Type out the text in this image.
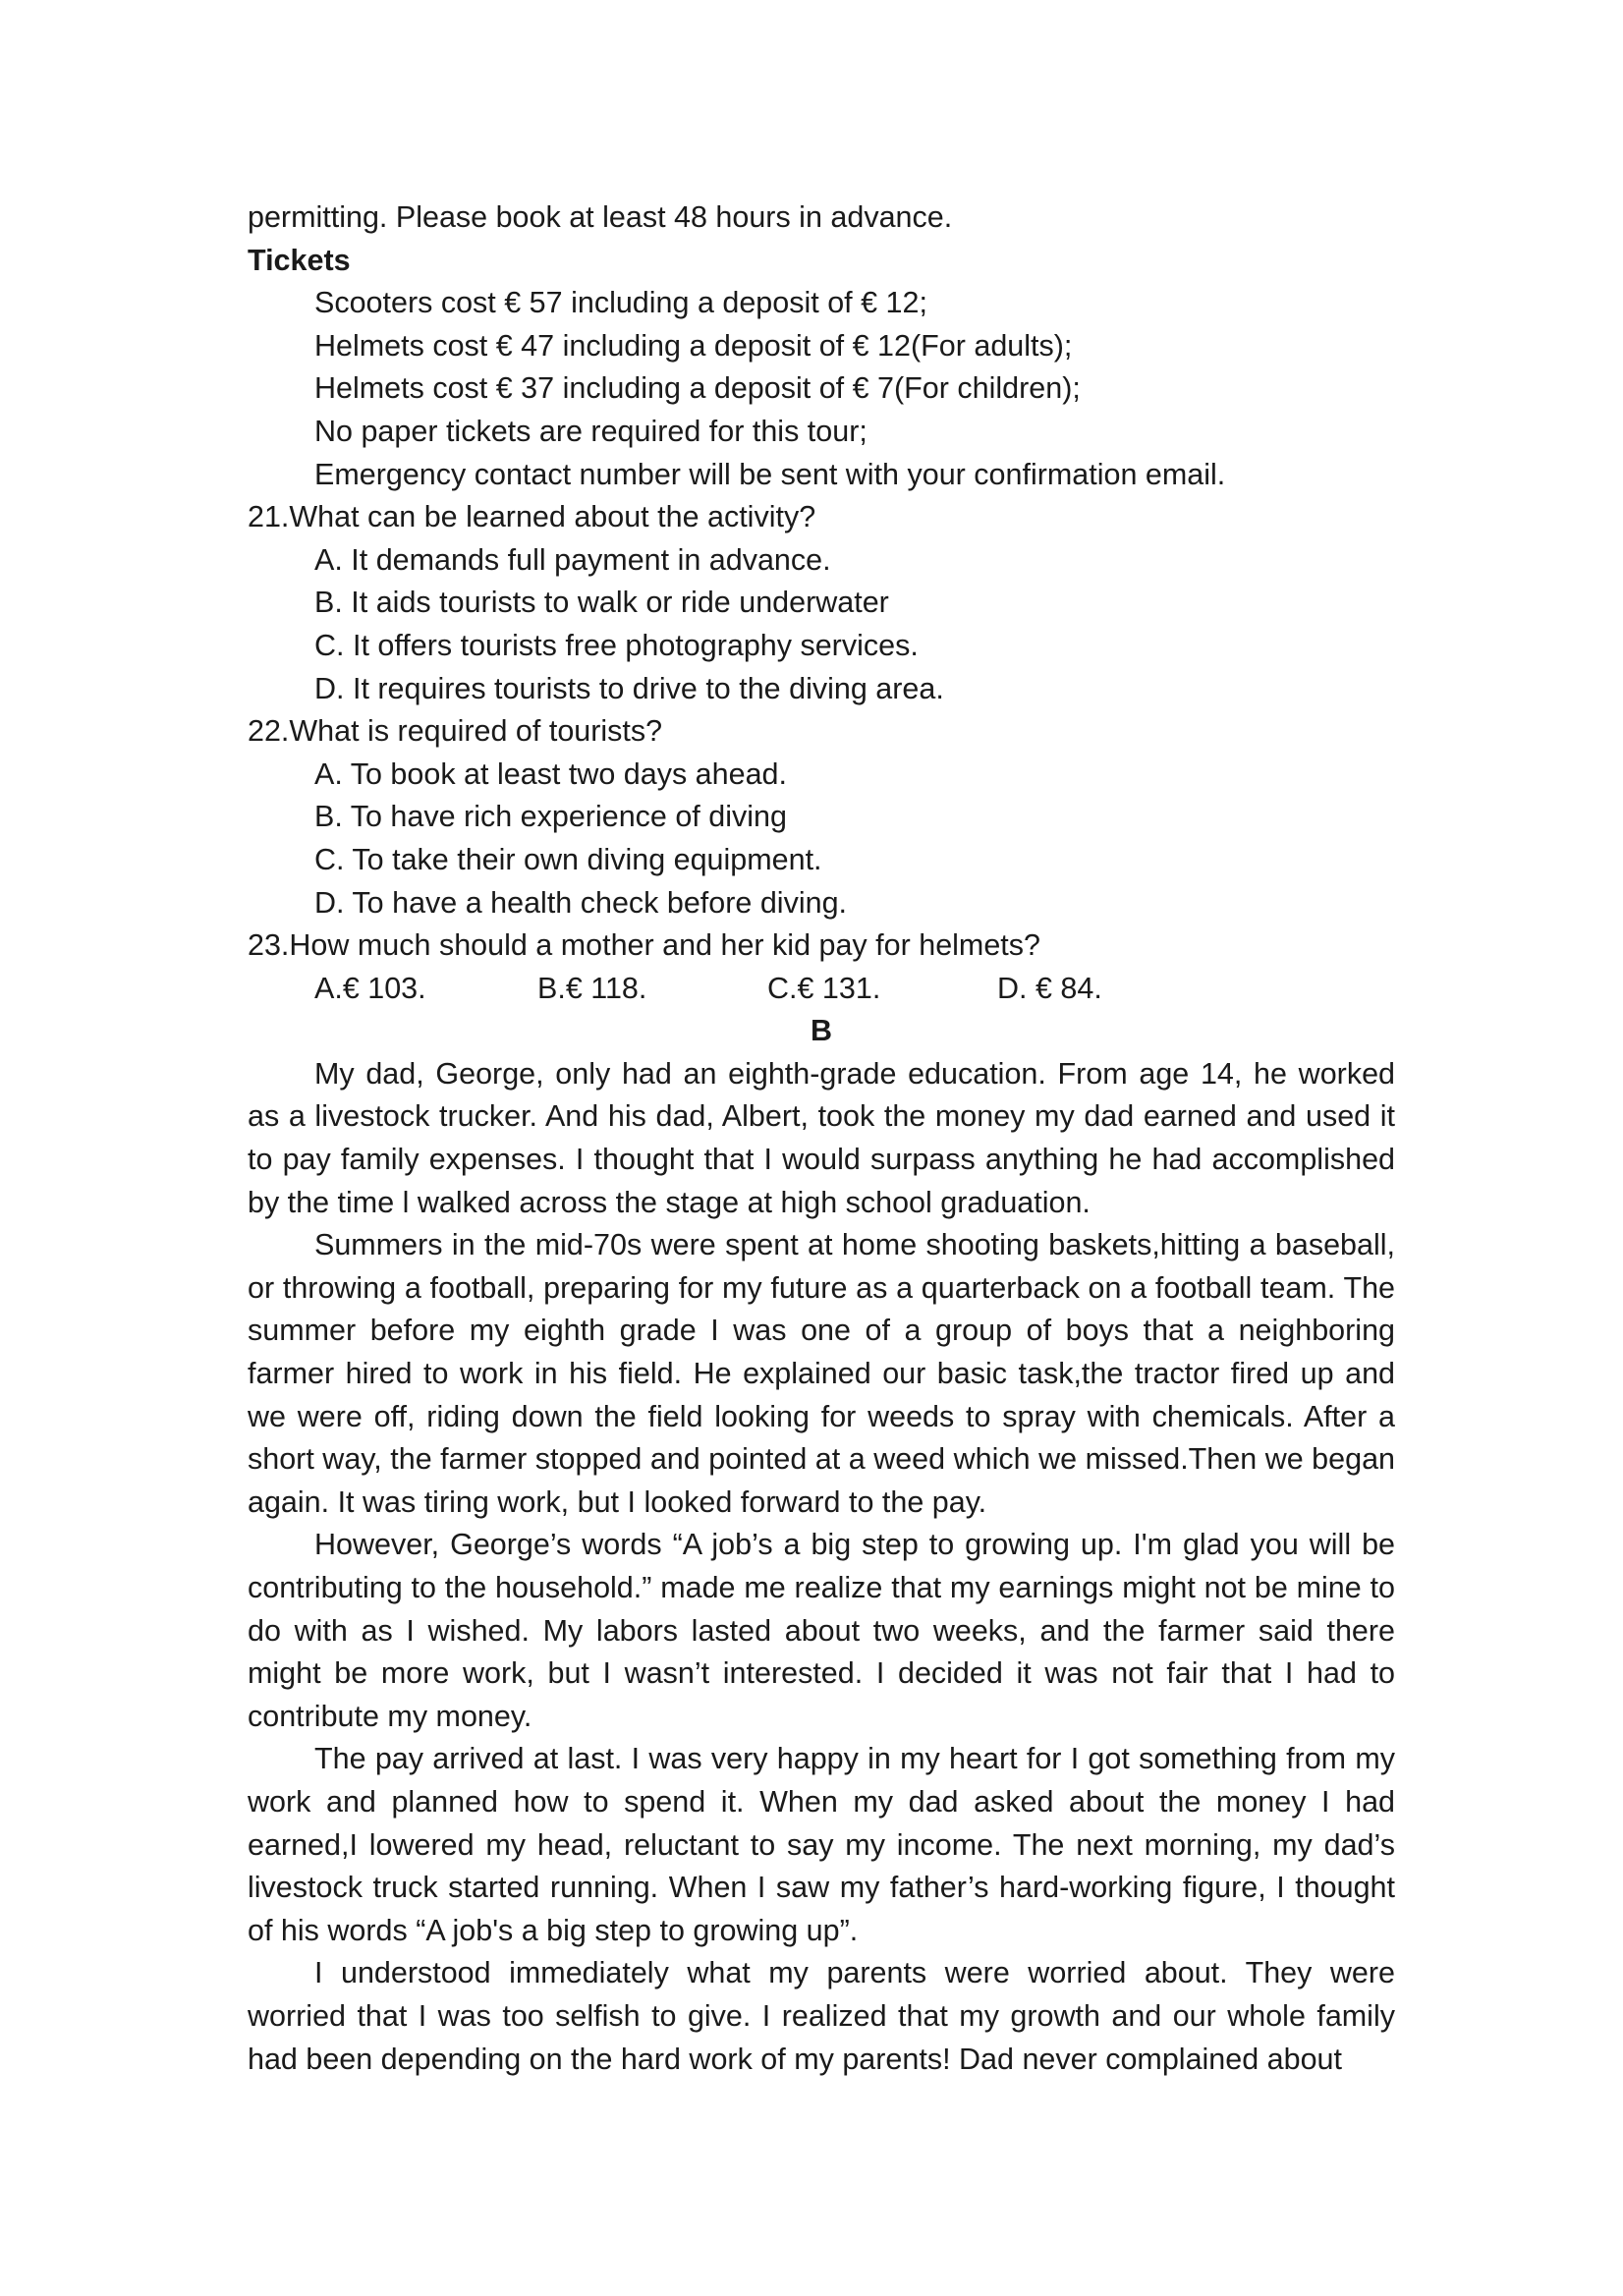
permitting. Please book at least 48 hours in advance.
Tickets
Scooters cost € 57 including a deposit of € 12;
Helmets cost € 47 including a deposit of € 12(For adults);
Helmets cost € 37 including a deposit of € 7(For children);
No paper tickets are required for this tour;
Emergency contact number will be sent with your confirmation email.
21.What can be learned about the activity?
A. It demands full payment in advance.
B. It aids tourists to walk or ride underwater
C. It offers tourists free photography services.
D. It requires tourists to drive to the diving area.
22.What is required of tourists?
A. To book at least two days ahead.
B. To have rich experience of diving
C. To take their own diving equipment.
D. To have a health check before diving.
23.How much should a mother and her kid pay for helmets?
A.€ 103.	B.€ 118.	C.€ 131.	D. € 84.
B

My dad, George, only had an eighth-grade education. From age 14, he worked as a livestock trucker. And his dad, Albert, took the money my dad earned and used it to pay family expenses. I thought that I would surpass anything he had accomplished by the time l walked across the stage at high school graduation.

Summers in the mid-70s were spent at home shooting baskets,hitting a baseball, or throwing a football, preparing for my future as a quarterback on a football team. The summer before my eighth grade I was one of a group of boys that a neighboring farmer hired to work in his field. He explained our basic task,the tractor fired up and we were off, riding down the field looking for weeds to spray with chemicals. After a short way, the farmer stopped and pointed at a weed which we missed.Then we began again. It was tiring work, but I looked forward to the pay.

However, George’s words “A job’s a big step to growing up. I'm glad you will be contributing to the household.” made me realize that my earnings might not be mine to do with as I wished. My labors lasted about two weeks, and the farmer said there might be more work, but I wasn’t interested. I decided it was not fair that I had to contribute my money.

The pay arrived at last. I was very happy in my heart for I got something from my work and planned how to spend it. When my dad asked about the money I had earned,I lowered my head, reluctant to say my income. The next morning, my dad’s livestock truck started running. When I saw my father’s hard-working figure, I thought of his words “A job's a big step to growing up”.

I understood immediately what my parents were worried about. They were worried that I was too selfish to give. I realized that my growth and our whole family had been depending on the hard work of my parents! Dad never complained about
